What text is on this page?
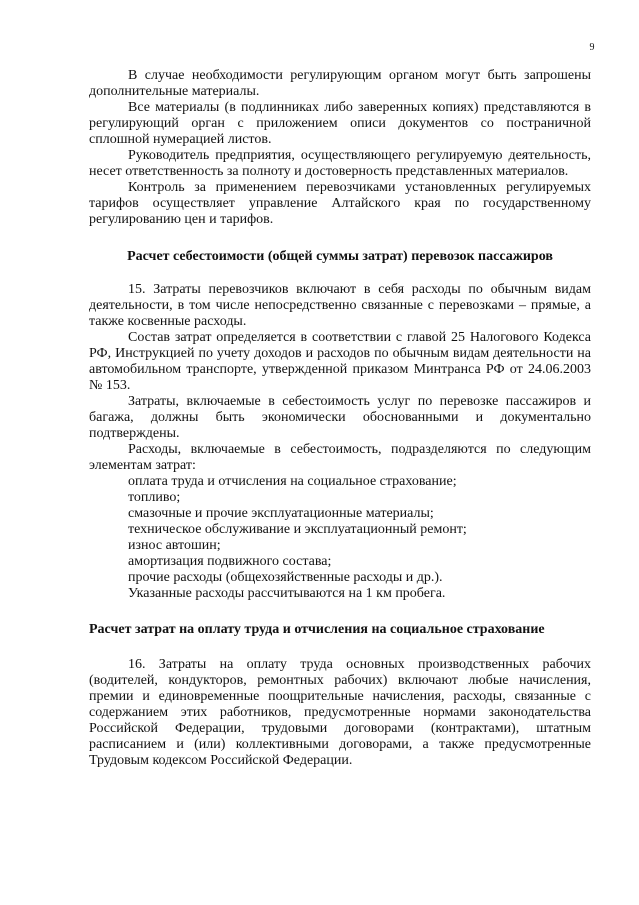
9

В случае необходимости регулирующим органом могут быть запрошены дополнительные материалы.

Все материалы (в подлинниках либо заверенных копиях) представляются в регулирующий орган с приложением описи документов со постраничной сплошной нумерацией листов.

Руководитель предприятия, осуществляющего регулируемую деятельность, несет ответственность за полноту и достоверность представленных материалов.

Контроль за применением перевозчиками установленных регулируемых тарифов осуществляет управление Алтайского края по государственному регулированию цен и тарифов.

Расчет себестоимости (общей суммы затрат) перевозок пассажиров

15. Затраты перевозчиков включают в себя расходы по обычным видам деятельности, в том числе непосредственно связанные с перевозками – прямые, а также косвенные расходы.

Состав затрат определяется в соответствии с главой 25 Налогового Кодекса РФ, Инструкцией по учету доходов и расходов по обычным видам деятельности на автомобильном транспорте, утвержденной приказом Минтранса РФ от 24.06.2003 № 153.

Затраты, включаемые в себестоимость услуг по перевозке пассажиров и багажа, должны быть экономически обоснованными и документально подтверждены.

Расходы, включаемые в себестоимость, подразделяются по следующим элементам затрат:

оплата труда и отчисления на социальное страхование;

топливо;

смазочные и прочие эксплуатационные материалы;

техническое обслуживание и эксплуатационный ремонт;

износ автошин;

амортизация подвижного состава;

прочие расходы (общехозяйственные расходы и др.).

Указанные расходы рассчитываются на 1 км пробега.

Расчет затрат на оплату труда и отчисления на социальное страхование

16. Затраты на оплату труда основных производственных рабочих (водителей, кондукторов, ремонтных рабочих) включают любые начисления, премии и единовременные поощрительные начисления, расходы, связанные с содержанием этих работников, предусмотренные нормами законодательства Российской Федерации, трудовыми договорами (контрактами), штатным расписанием и (или) коллективными договорами, а также предусмотренные Трудовым кодексом Российской Федерации.
